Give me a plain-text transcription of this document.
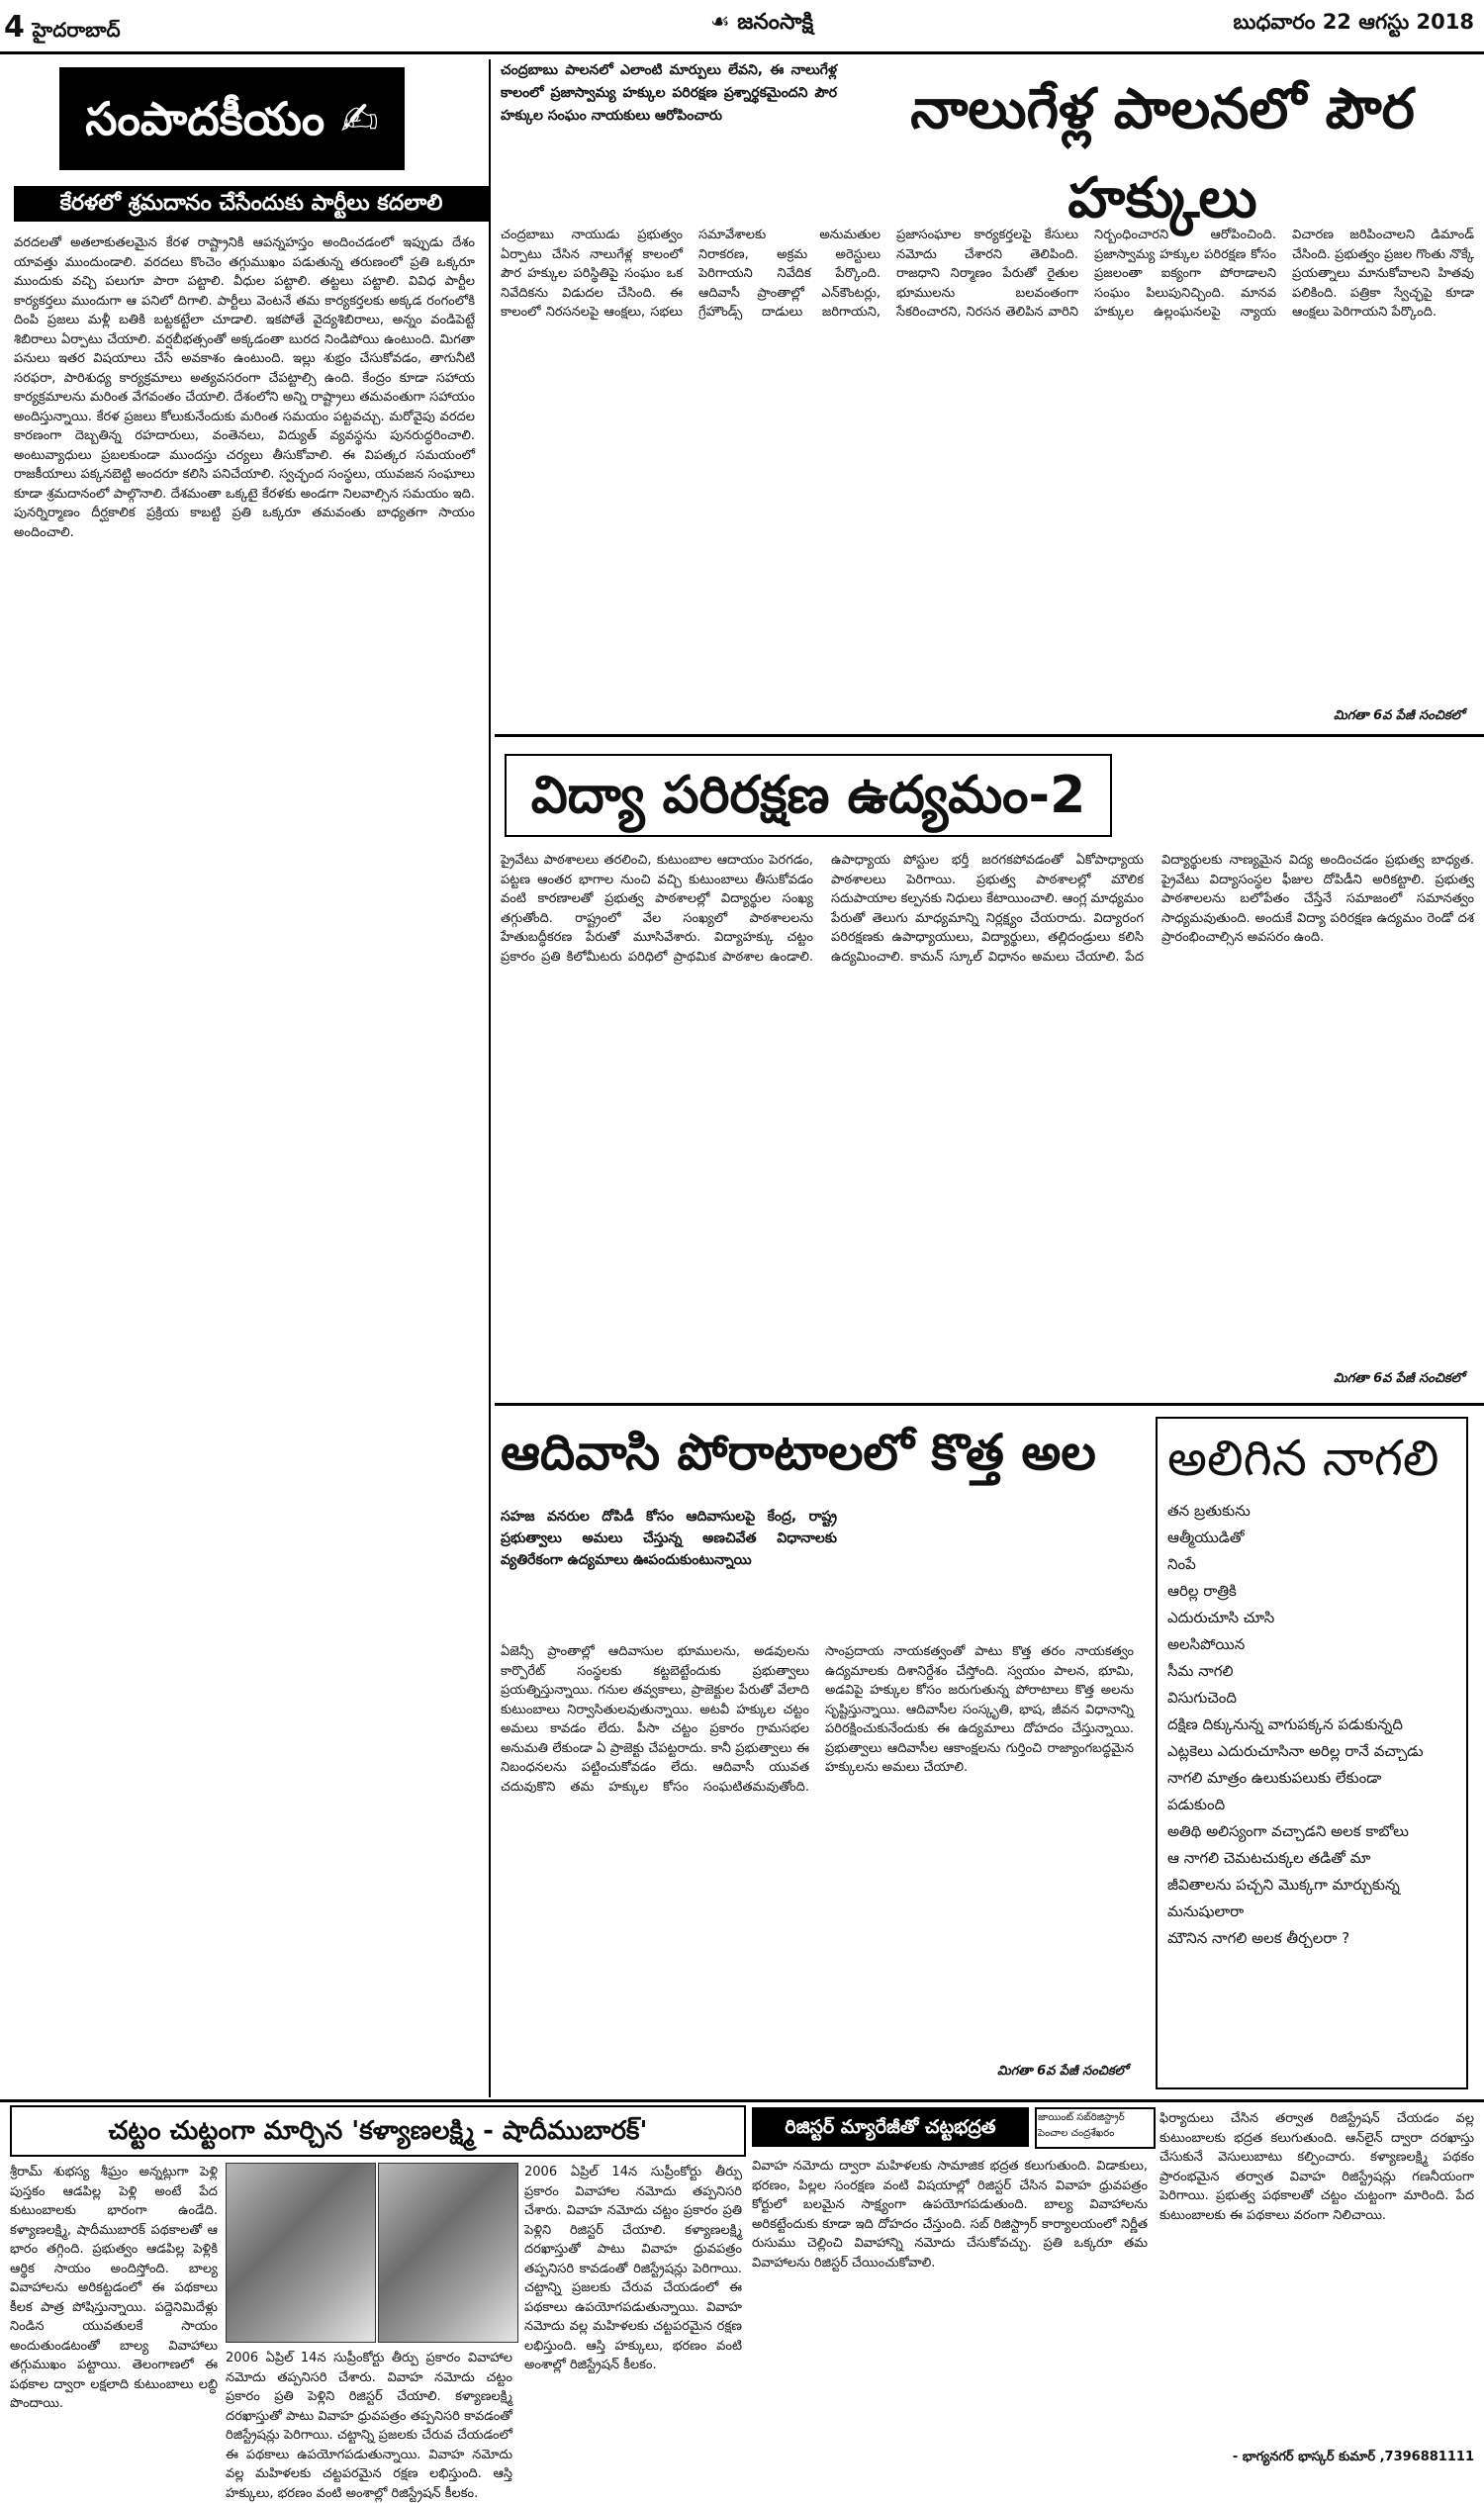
4 హైదరాబాద్	☙ జనంసాక్షి	బుధవారం 22 ఆగస్టు 2018
సంపాదకీయం ✍
కేరళలో శ్రమదానం చేసేందుకు పార్టీలు కదలాలి
వరదలతో అతలాకుతలమైన కేరళ రాష్ట్రానికి ఆపన్నహస్తం అందించడంలో ఇప్పుడు దేశం యావత్తు ముందుండాలి. వరదలు కొంచెం తగ్గుముఖం పడుతున్న తరుణంలో ప్రతి ఒక్కరూ ముందుకు వచ్చి పలుగూ పారా పట్టాలి. వీధుల పట్టాలి. తట్టలు పట్టాలి. వివిధ పార్టీల కార్యకర్తలు ముందుగా ఆ పనిలో దిగాలి. పార్టీలు వెంటనే తమ కార్యకర్తలకు అక్కడ రంగంలోకి దింపి ప్రజలు మళ్లీ బతికి బట్టకట్టేలా చూడాలి. ఇకపోతే వైద్యశిబిరాలు, అన్నం వండిపెట్టే శిబిరాలు ఏర్పాటు చేయాలి. వర్షబీభత్సంతో అక్కడంతా బురద నిండిపోయి ఉంటుంది. మిగతా పనులు ఇతర విషయాలు చేసే అవకాశం ఉంటుంది. ఇల్లు శుభ్రం చేసుకోవడం, తాగునీటి సరఫరా, పారిశుధ్య కార్యక్రమాలు అత్యవసరంగా చేపట్టాల్సి ఉంది. కేంద్రం కూడా సహాయ కార్యక్రమాలను మరింత వేగవంతం చేయాలి. దేశంలోని అన్ని రాష్ట్రాలు తమవంతుగా సహాయం అందిస్తున్నాయి. కేరళ ప్రజలు కోలుకునేందుకు మరింత సమయం పట్టవచ్చు. మరోవైపు వరదల కారణంగా దెబ్బతిన్న రహదారులు, వంతెనలు, విద్యుత్‌ వ్యవస్థను పునరుద్ధరించాలి. అంటువ్యాధులు ప్రబలకుండా ముందస్తు చర్యలు తీసుకోవాలి. ఈ విపత్కర సమయంలో రాజకీయాలు పక్కనబెట్టి అందరూ కలిసి పనిచేయాలి. స్వచ్ఛంద సంస్థలు, యువజన సంఘాలు కూడా శ్రమదానంలో పాల్గొనాలి. దేశమంతా ఒక్కటై కేరళకు అండగా నిలవాల్సిన సమయం ఇది. పునర్నిర్మాణం దీర్ఘకాలిక ప్రక్రియ కాబట్టి ప్రతి ఒక్కరూ తమవంతు బాధ్యతగా సాయం అందించాలి.
చంద్రబాబు పాలనలో ఎలాంటి మార్పులు లేవని, ఈ నాలుగేళ్ల కాలంలో ప్రజాస్వామ్య హక్కుల పరిరక్షణ ప్రశ్నార్థకమైందని పౌర హక్కుల సంఘం నాయకులు ఆరోపించారు	నాలుగేళ్ల పాలనలో పౌర హక్కులు
చంద్రబాబు నాయుడు ప్రభుత్వం ఏర్పాటు చేసిన నాలుగేళ్ల కాలంలో పౌర హక్కుల పరిస్థితిపై సంఘం ఒక నివేదికను విడుదల చేసింది. ఈ కాలంలో నిరసనలపై ఆంక్షలు, సభలు సమావేశాలకు అనుమతుల నిరాకరణ, అక్రమ అరెస్టులు పెరిగాయని నివేదిక పేర్కొంది. ఆదివాసీ ప్రాంతాల్లో ఎన్‌కౌంటర్లు, గ్రేహౌండ్స్‌ దాడులు జరిగాయని, ప్రజాసంఘాల కార్యకర్తలపై కేసులు నమోదు చేశారని తెలిపింది. రాజధాని నిర్మాణం పేరుతో రైతుల భూములను బలవంతంగా సేకరించారని, నిరసన తెలిపిన వారిని నిర్బంధించారని ఆరోపించింది. ప్రజాస్వామ్య హక్కుల పరిరక్షణ కోసం ప్రజలంతా ఐక్యంగా పోరాడాలని సంఘం పిలుపునిచ్చింది. మానవ హక్కుల ఉల్లంఘనలపై న్యాయ విచారణ జరిపించాలని డిమాండ్‌ చేసింది. ప్రభుత్వం ప్రజల గొంతు నొక్కే ప్రయత్నాలు మానుకోవాలని హితవు పలికింది. పత్రికా స్వేచ్ఛపై కూడా ఆంక్షలు పెరిగాయని పేర్కొంది.
మిగతా 6వ పేజీ సంచికలో
విద్యా పరిరక్షణ ఉద్యమం-2
ప్రైవేటు పాఠశాలలు తరలించి, కుటుంబాల ఆదాయం పెరగడం, పట్టణ ఆంతర భాగాల నుంచి వచ్చి కుటుంబాలు తీసుకోవడం వంటి కారణాలతో ప్రభుత్వ పాఠశాలల్లో విద్యార్థుల సంఖ్య తగ్గుతోంది. రాష్ట్రంలో వేల సంఖ్యలో పాఠశాలలను హేతుబద్ధీకరణ పేరుతో మూసివేశారు. విద్యాహక్కు చట్టం ప్రకారం ప్రతి కిలోమీటరు పరిధిలో ప్రాథమిక పాఠశాల ఉండాలి. ఉపాధ్యాయ పోస్టుల భర్తీ జరగకపోవడంతో ఏకోపాధ్యాయ పాఠశాలలు పెరిగాయి. ప్రభుత్వ పాఠశాలల్లో మౌలిక సదుపాయాల కల్పనకు నిధులు కేటాయించాలి. ఆంగ్ల మాధ్యమం పేరుతో తెలుగు మాధ్యమాన్ని నిర్లక్ష్యం చేయరాదు. విద్యారంగ పరిరక్షణకు ఉపాధ్యాయులు, విద్యార్థులు, తల్లిదండ్రులు కలిసి ఉద్యమించాలి. కామన్‌ స్కూల్‌ విధానం అమలు చేయాలి. పేద విద్యార్థులకు నాణ్యమైన విద్య అందించడం ప్రభుత్వ బాధ్యత. ప్రైవేటు విద్యాసంస్థల ఫీజుల దోపిడీని అరికట్టాలి. ప్రభుత్వ పాఠశాలలను బలోపేతం చేస్తేనే సమాజంలో సమానత్వం సాధ్యమవుతుంది. అందుకే విద్యా పరిరక్షణ ఉద్యమం రెండో దశ ప్రారంభించాల్సిన అవసరం ఉంది.
మిగతా 6వ పేజీ సంచికలో
ఆదివాసి పోరాటాలలో కొత్త అల
సహజ వనరుల దోపిడీ కోసం ఆదివాసులపై కేంద్ర, రాష్ట్ర ప్రభుత్వాలు అమలు చేస్తున్న అణచివేత విధానాలకు వ్యతిరేకంగా ఉద్యమాలు ఊపందుకుంటున్నాయి
ఏజెన్సీ ప్రాంతాల్లో ఆదివాసుల భూములను, అడవులను కార్పొరేట్‌ సంస్థలకు కట్టబెట్టేందుకు ప్రభుత్వాలు ప్రయత్నిస్తున్నాయి. గనుల తవ్వకాలు, ప్రాజెక్టుల పేరుతో వేలాది కుటుంబాలు నిర్వాసితులవుతున్నాయి. అటవీ హక్కుల చట్టం అమలు కావడం లేదు. పీసా చట్టం ప్రకారం గ్రామసభల అనుమతి లేకుండా ఏ ప్రాజెక్టు చేపట్టరాదు. కానీ ప్రభుత్వాలు ఈ నిబంధనలను పట్టించుకోవడం లేదు. ఆదివాసీ యువత చదువుకొని తమ హక్కుల కోసం సంఘటితమవుతోంది. సాంప్రదాయ నాయకత్వంతో పాటు కొత్త తరం నాయకత్వం ఉద్యమాలకు దిశానిర్దేశం చేస్తోంది. స్వయం పాలన, భూమి, అడవిపై హక్కుల కోసం జరుగుతున్న పోరాటాలు కొత్త అలను సృష్టిస్తున్నాయి. ఆదివాసీల సంస్కృతి, భాష, జీవన విధానాన్ని పరిరక్షించుకునేందుకు ఈ ఉద్యమాలు దోహదం చేస్తున్నాయి. ప్రభుత్వాలు ఆదివాసీల ఆకాంక్షలను గుర్తించి రాజ్యాంగబద్ధమైన హక్కులను అమలు చేయాలి.
మిగతా 6వ పేజీ సంచికలో
అలిగిన నాగలి
తన బ్రతుకును
ఆత్మీయుడితో
నింపే
ఆరిల్ల రాత్రికి
ఎదురుచూసి చూసి
అలసిపోయిన
సీమ నాగలి
విసుగుచెంది
దక్షిణ దిక్కునున్న వాగుపక్కన పడుకున్నది
ఎట్లకెలు ఎదురుచూసినా అరిల్ల రానే వచ్చాడు
నాగలి మాత్రం ఉలుకుపలుకు లేకుండా
పడుకుంది
అతిథి అలిస్యంగా వచ్చాడని అలక కాబోలు
ఆ నాగలి చెమటచుక్కల తడితో మా
జీవితాలను పచ్చని మొక్కగా మార్చుకున్న
మనుషులారా
మౌనిన నాగలి అలక తీర్చలరా ?
చట్టం చుట్టంగా మార్చిన 'కళ్యాణలక్ష్మి - షాదీముబారక్‌'
శ్రీరామ్ శుభస్య శీఘ్రం అన్నట్లుగా పెళ్లి పుస్తకం ఆడపిల్ల పెళ్లి అంటే పేద కుటుంబాలకు భారంగా ఉండేది. కళ్యాణలక్ష్మి, షాదీముబారక్‌ పథకాలతో ఆ భారం తగ్గింది. ప్రభుత్వం ఆడపిల్ల పెళ్లికి ఆర్థిక సాయం అందిస్తోంది. బాల్య వివాహాలను అరికట్టడంలో ఈ పథకాలు కీలక పాత్ర పోషిస్తున్నాయి. పద్దెనిమిదేళ్లు నిండిన యువతులకే సాయం అందుతుండటంతో బాల్య వివాహాలు తగ్గుముఖం పట్టాయి. తెలంగాణలో ఈ పథకాల ద్వారా లక్షలాది కుటుంబాలు లబ్ధి పొందాయి.
2006 ఏప్రిల్‌ 14న సుప్రీంకోర్టు తీర్పు ప్రకారం వివాహాల నమోదు తప్పనిసరి చేశారు. వివాహ నమోదు చట్టం ప్రకారం ప్రతి పెళ్లిని రిజిస్టర్‌ చేయాలి. కళ్యాణలక్ష్మి దరఖాస్తుతో పాటు వివాహ ధ్రువపత్రం తప్పనిసరి కావడంతో రిజిస్ట్రేషన్లు పెరిగాయి. చట్టాన్ని ప్రజలకు చేరువ చేయడంలో ఈ పథకాలు ఉపయోగపడుతున్నాయి. వివాహ నమోదు వల్ల మహిళలకు చట్టపరమైన రక్షణ లభిస్తుంది. ఆస్తి హక్కులు, భరణం వంటి అంశాల్లో రిజిస్ట్రేషన్‌ కీలకం.
2006 ఏప్రిల్‌ 14న సుప్రీంకోర్టు తీర్పు ప్రకారం వివాహాల నమోదు తప్పనిసరి చేశారు. వివాహ నమోదు చట్టం ప్రకారం ప్రతి పెళ్లిని రిజిస్టర్‌ చేయాలి. కళ్యాణలక్ష్మి దరఖాస్తుతో పాటు వివాహ ధ్రువపత్రం తప్పనిసరి కావడంతో రిజిస్ట్రేషన్లు పెరిగాయి. చట్టాన్ని ప్రజలకు చేరువ చేయడంలో ఈ పథకాలు ఉపయోగపడుతున్నాయి. వివాహ నమోదు వల్ల మహిళలకు చట్టపరమైన రక్షణ లభిస్తుంది. ఆస్తి హక్కులు, భరణం వంటి అంశాల్లో రిజిస్ట్రేషన్‌ కీలకం.
రిజిస్టర్‌ మ్యారేజీతో చట్టభద్రత	జాయింట్‌ సబ్‌రిజిస్ట్రార్‌ పెంచాల చంద్రశేఖరం
వివాహ నమోదు ద్వారా మహిళలకు సామాజిక భద్రత కలుగుతుంది. విడాకులు, భరణం, పిల్లల సంరక్షణ వంటి విషయాల్లో రిజిస్టర్‌ చేసిన వివాహ ధ్రువపత్రం కోర్టులో బలమైన సాక్ష్యంగా ఉపయోగపడుతుంది. బాల్య వివాహాలను అరికట్టేందుకు కూడా ఇది దోహదం చేస్తుంది. సబ్‌ రిజిస్ట్రార్‌ కార్యాలయంలో నిర్ణీత రుసుము చెల్లించి వివాహాన్ని నమోదు చేసుకోవచ్చు. ప్రతి ఒక్కరూ తమ వివాహాలను రిజిస్టర్‌ చేయించుకోవాలి.
ఫిర్యాదులు చేసిన తర్వాత రిజిస్ట్రేషన్‌ చేయడం వల్ల కుటుంబాలకు భద్రత కలుగుతుంది. ఆన్‌లైన్‌ ద్వారా దరఖాస్తు చేసుకునే వెసులుబాటు కల్పించారు. కళ్యాణలక్ష్మి పథకం ప్రారంభమైన తర్వాత వివాహ రిజిస్ట్రేషన్లు గణనీయంగా పెరిగాయి. ప్రభుత్వ పథకాలతో చట్టం చుట్టంగా మారింది. పేద కుటుంబాలకు ఈ పథకాలు వరంగా నిలిచాయి.
- భాగ్యనగర్ భాస్కర్ కుమార్ ,7396881111
